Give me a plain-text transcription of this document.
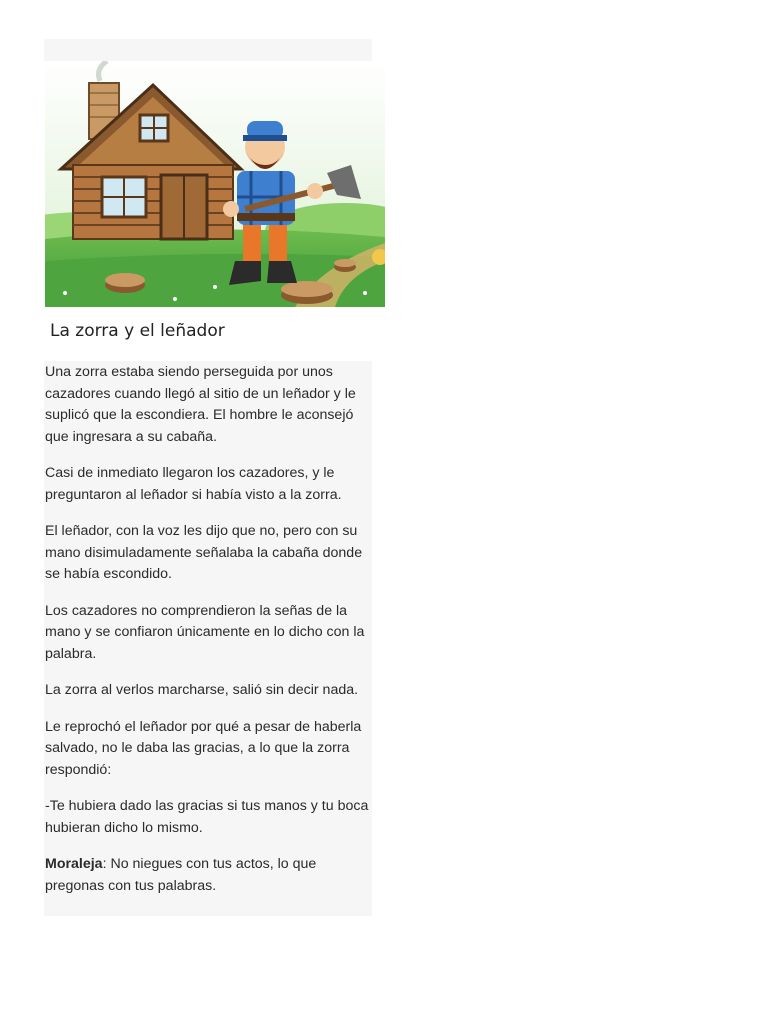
La zorra y el leñador

Una zorra estaba siendo perseguida por unos cazadores cuando llegó al sitio de un leñador y le suplicó que la escondiera. El hombre le aconsejó que ingresara a su cabaña.

Casi de inmediato llegaron los cazadores, y le preguntaron al leñador si había visto a la zorra.

El leñador, con la voz les dijo que no, pero con su mano disimuladamente señalaba la cabaña donde se había escondido.

Los cazadores no comprendieron la señas de la mano y se confiaron únicamente en lo dicho con la palabra.

La zorra al verlos marcharse, salió sin decir nada.

Le reprochó el leñador por qué a pesar de haberla salvado, no le daba las gracias, a lo que la zorra respondió:

-Te hubiera dado las gracias si tus manos y tu boca hubieran dicho lo mismo.

Moraleja: No niegues con tus actos, lo que pregonas con tus palabras.
